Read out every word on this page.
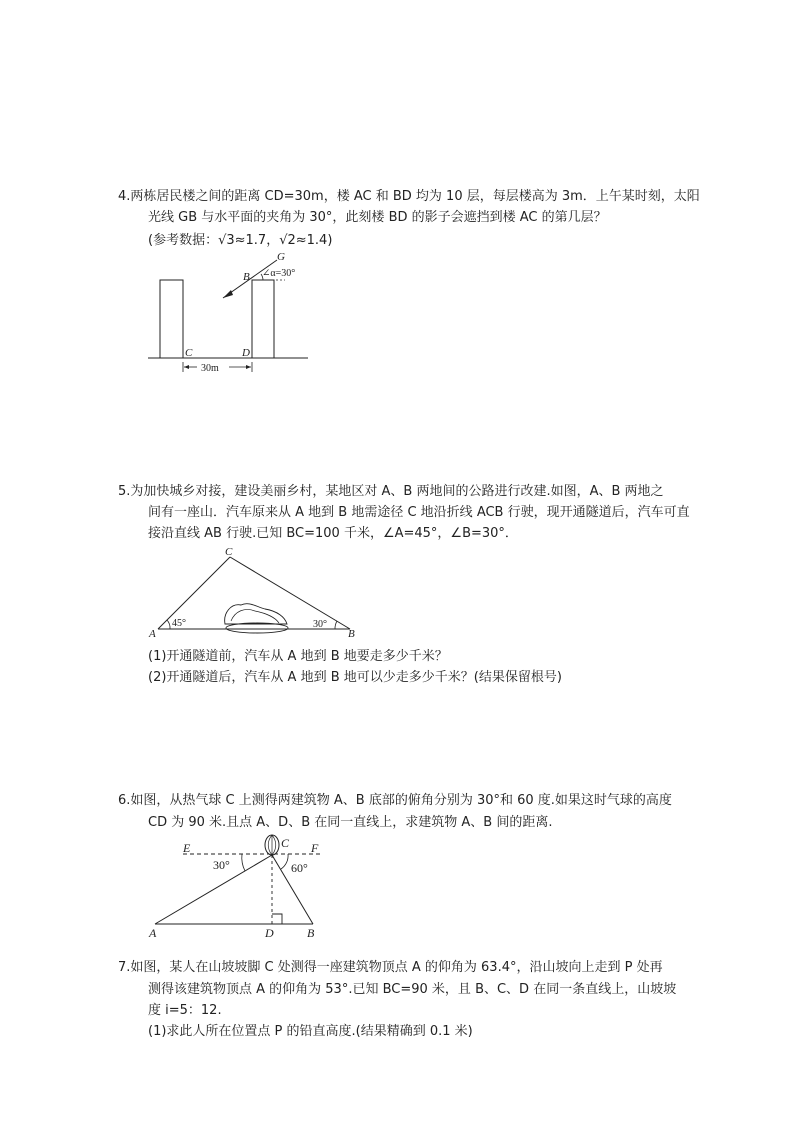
4.两栋居民楼之间的距离 CD=30m，楼 AC 和 BD 均为 10 层，每层楼高为 3m．上午某时刻，太阳
光线 GB 与水平面的夹角为 30°，此刻楼 BD 的影子会遮挡到楼 AC 的第几层？
(参考数据：√3≈1.7，√2≈1.4)
G
B ∠α=30°
C	D
30m
5.为加快城乡对接，建设美丽乡村，某地区对 A、B 两地间的公路进行改建.如图，A、B 两地之
间有一座山．汽车原来从 A 地到 B 地需途径 C 地沿折线 ACB 行驶，现开通隧道后，汽车可直
接沿直线 AB 行驶.已知 BC=100 千米，∠A=45°，∠B=30°．
C
A	B
45°	30°
(1)开通隧道前，汽车从 A 地到 B 地要走多少千米？
(2)开通隧道后，汽车从 A 地到 B 地可以少走多少千米？(结果保留根号)
6.如图，从热气球 C 上测得两建筑物 A、B 底部的俯角分别为 30°和 60 度.如果这时气球的高度
CD 为 90 米.且点 A、D、B 在同一直线上，求建筑物 A、B 间的距离.
E	C F
30°	60°
A	D	B
7.如图，某人在山坡坡脚 C 处测得一座建筑物顶点 A 的仰角为 63.4°，沿山坡向上走到 P 处再
测得该建筑物顶点 A 的仰角为 53°.已知 BC=90 米，且 B、C、D 在同一条直线上，山坡坡
度 i=5：12.
(1)求此人所在位置点 P 的铅直高度.(结果精确到 0.1 米)
